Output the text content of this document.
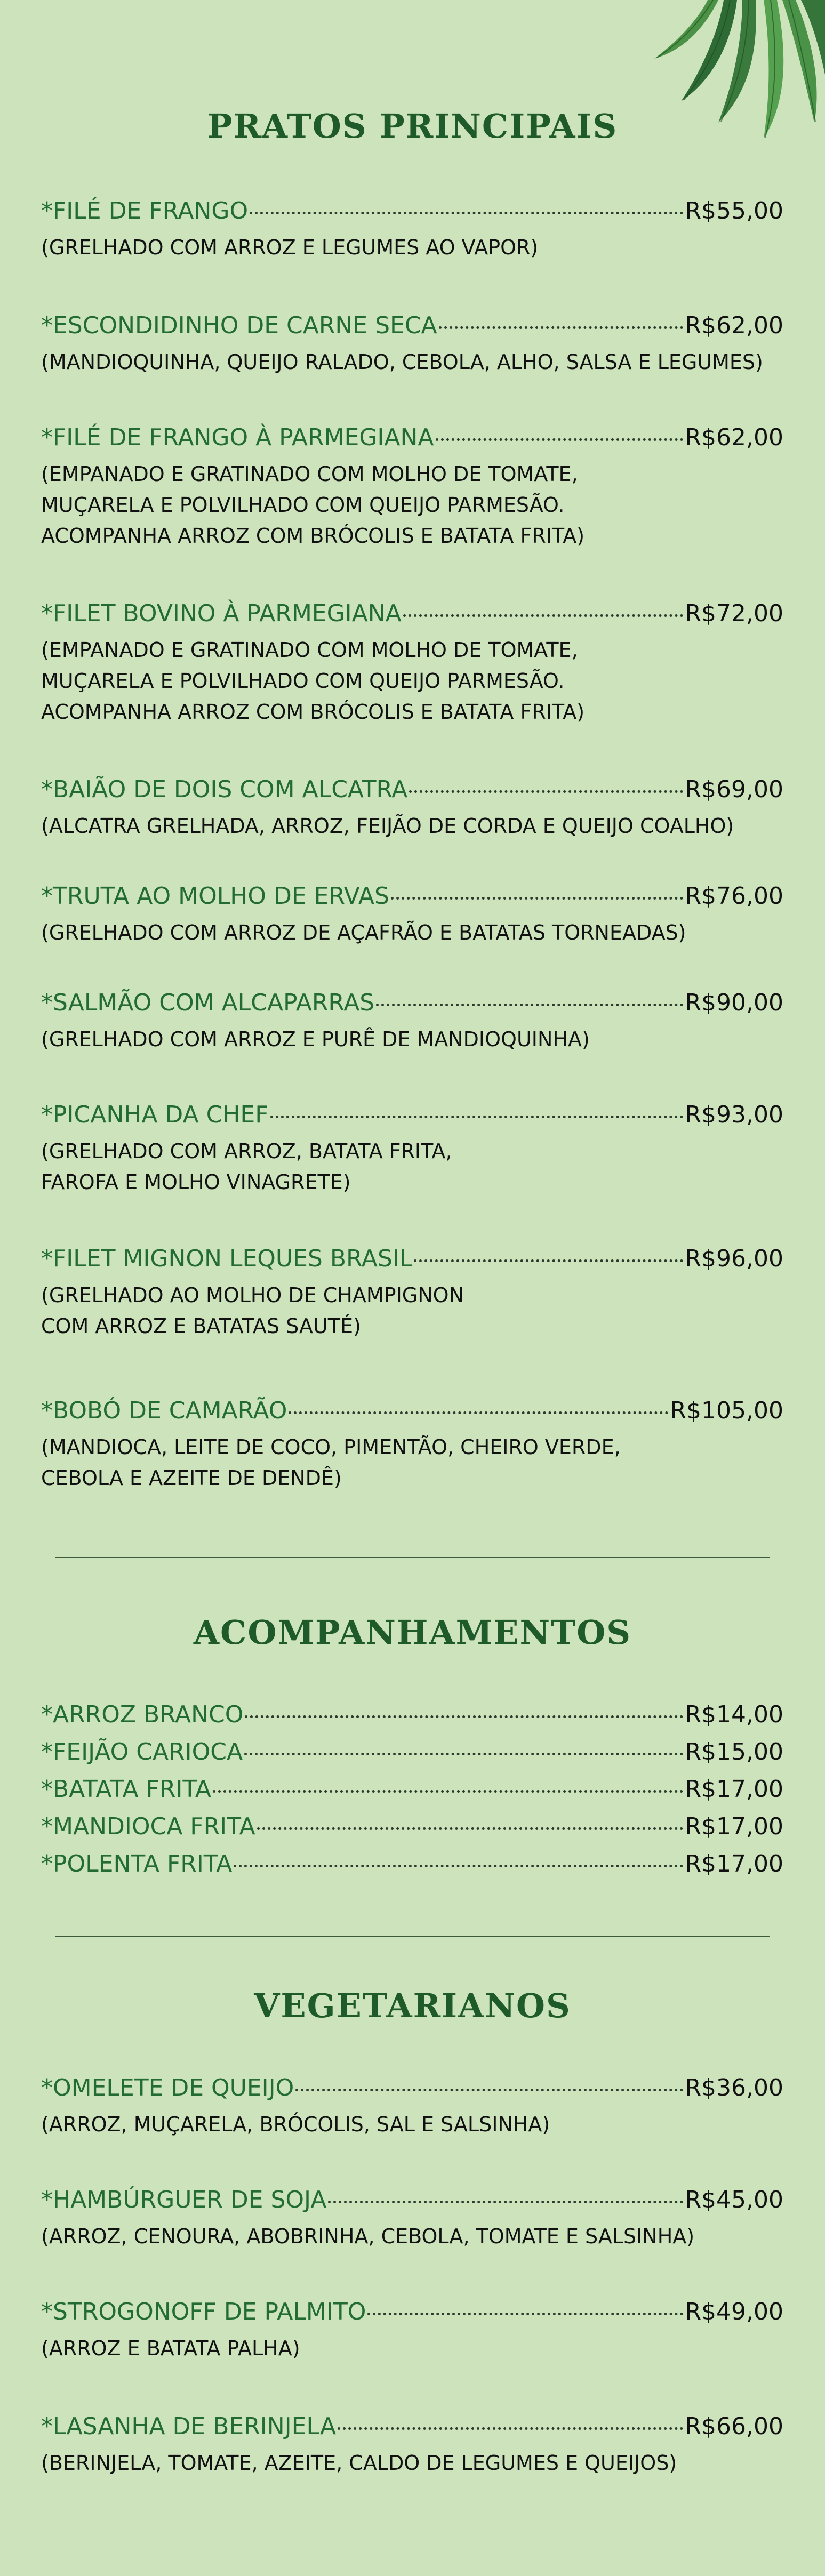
PRATOS PRINCIPAIS
*FILÉ DE FRANGO	R$55,00
(GRELHADO COM ARROZ E LEGUMES AO VAPOR)
*ESCONDIDINHO DE CARNE SECA	R$62,00
(MANDIOQUINHA, QUEIJO RALADO, CEBOLA, ALHO, SALSA E LEGUMES)
*FILÉ DE FRANGO À PARMEGIANA	R$62,00
(EMPANADO E GRATINADO COM MOLHO DE TOMATE,
MUÇARELA E POLVILHADO COM QUEIJO PARMESÃO.
ACOMPANHA ARROZ COM BRÓCOLIS E BATATA FRITA)
*FILET BOVINO À PARMEGIANA	R$72,00
(EMPANADO E GRATINADO COM MOLHO DE TOMATE,
MUÇARELA E POLVILHADO COM QUEIJO PARMESÃO.
ACOMPANHA ARROZ COM BRÓCOLIS E BATATA FRITA)
*BAIÃO DE DOIS COM ALCATRA	R$69,00
(ALCATRA GRELHADA, ARROZ, FEIJÃO DE CORDA E QUEIJO COALHO)
*TRUTA AO MOLHO DE ERVAS	R$76,00
(GRELHADO COM ARROZ DE AÇAFRÃO E BATATAS TORNEADAS)
*SALMÃO COM ALCAPARRAS	R$90,00
(GRELHADO COM ARROZ E PURÊ DE MANDIOQUINHA)
*PICANHA DA CHEF	R$93,00
(GRELHADO COM ARROZ, BATATA FRITA,
FAROFA E MOLHO VINAGRETE)
*FILET MIGNON LEQUES BRASIL	R$96,00
(GRELHADO AO MOLHO DE CHAMPIGNON
COM ARROZ E BATATAS SAUTÉ)
*BOBÓ DE CAMARÃO	R$105,00
(MANDIOCA, LEITE DE COCO, PIMENTÃO, CHEIRO VERDE,
CEBOLA E AZEITE DE DENDÊ)
ACOMPANHAMENTOS
*ARROZ BRANCO	R$14,00
*FEIJÃO CARIOCA	R$15,00
*BATATA FRITA	R$17,00
*MANDIOCA FRITA	R$17,00
*POLENTA FRITA	R$17,00
VEGETARIANOS
*OMELETE DE QUEIJO	R$36,00
(ARROZ, MUÇARELA, BRÓCOLIS, SAL E SALSINHA)
*HAMBÚRGUER DE SOJA	R$45,00
(ARROZ, CENOURA, ABOBRINHA, CEBOLA, TOMATE E SALSINHA)
*STROGONOFF DE PALMITO	R$49,00
(ARROZ E BATATA PALHA)
*LASANHA DE BERINJELA	R$66,00
(BERINJELA, TOMATE, AZEITE, CALDO DE LEGUMES E QUEIJOS)
